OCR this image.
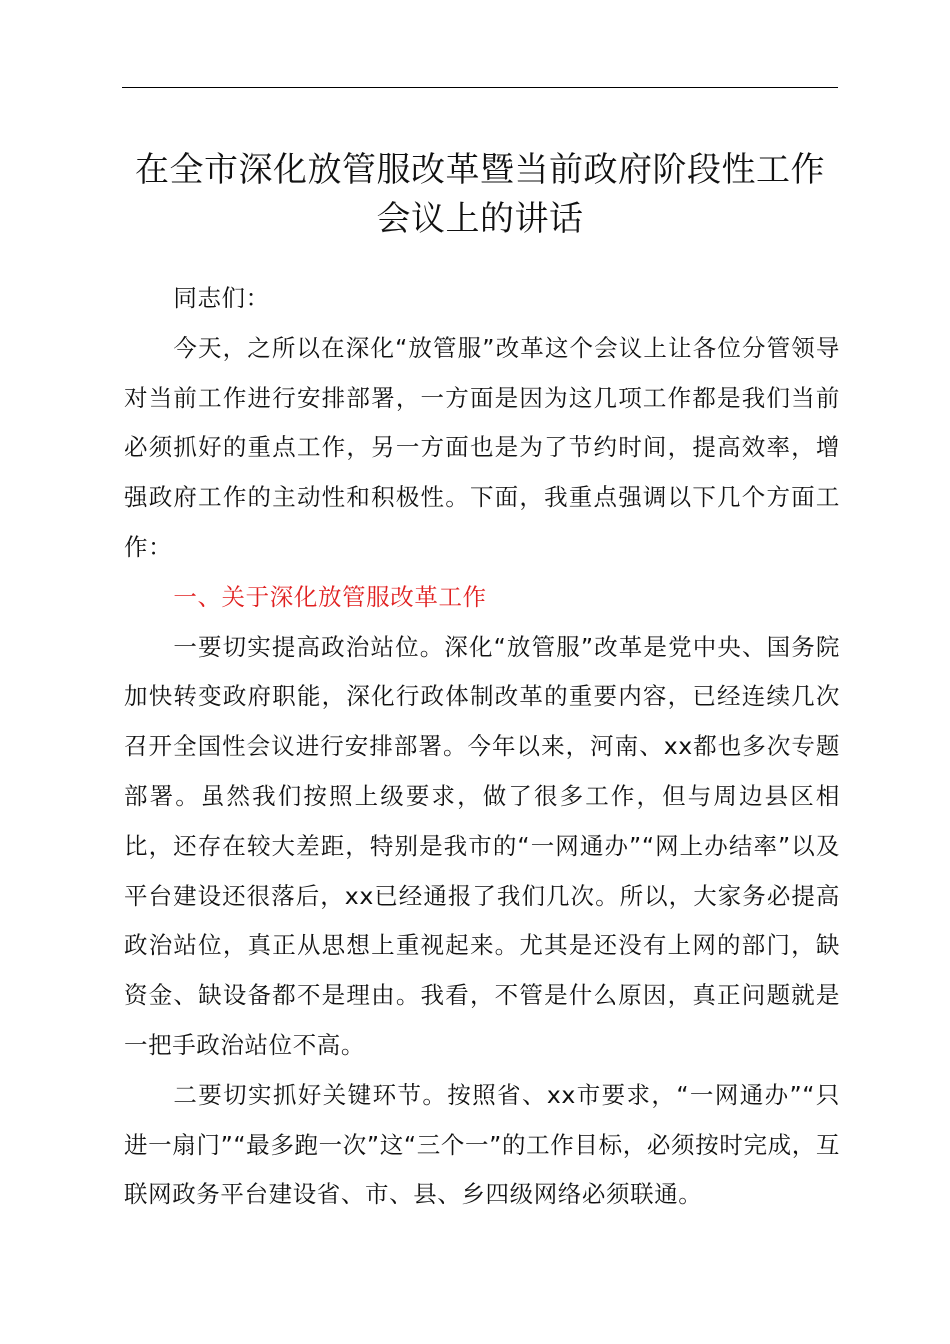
在全市深化放管服改革暨当前政府阶段性工作
会议上的讲话

同志们：

今天，之所以在深化“放管服”改革这个会议上让各位分管领导对当前工作进行安排部署，一方面是因为这几项工作都是我们当前必须抓好的重点工作，另一方面也是为了节约时间，提高效率，增强政府工作的主动性和积极性。下面，我重点强调以下几个方面工作：

一、关于深化放管服改革工作

一要切实提高政治站位。深化“放管服”改革是党中央、国务院加快转变政府职能，深化行政体制改革的重要内容，已经连续几次召开全国性会议进行安排部署。今年以来，河南、xx都也多次专题部署。虽然我们按照上级要求，做了很多工作，但与周边县区相比，还存在较大差距，特别是我市的“一网通办”“网上办结率”以及平台建设还很落后，xx已经通报了我们几次。所以，大家务必提高政治站位，真正从思想上重视起来。尤其是还没有上网的部门，缺资金、缺设备都不是理由。我看，不管是什么原因，真正问题就是一把手政治站位不高。

二要切实抓好关键环节。按照省、xx市要求，“一网通办”“只进一扇门”“最多跑一次”这“三个一”的工作目标，必须按时完成，互联网政务平台建设省、市、县、乡四级网络必须联通。
